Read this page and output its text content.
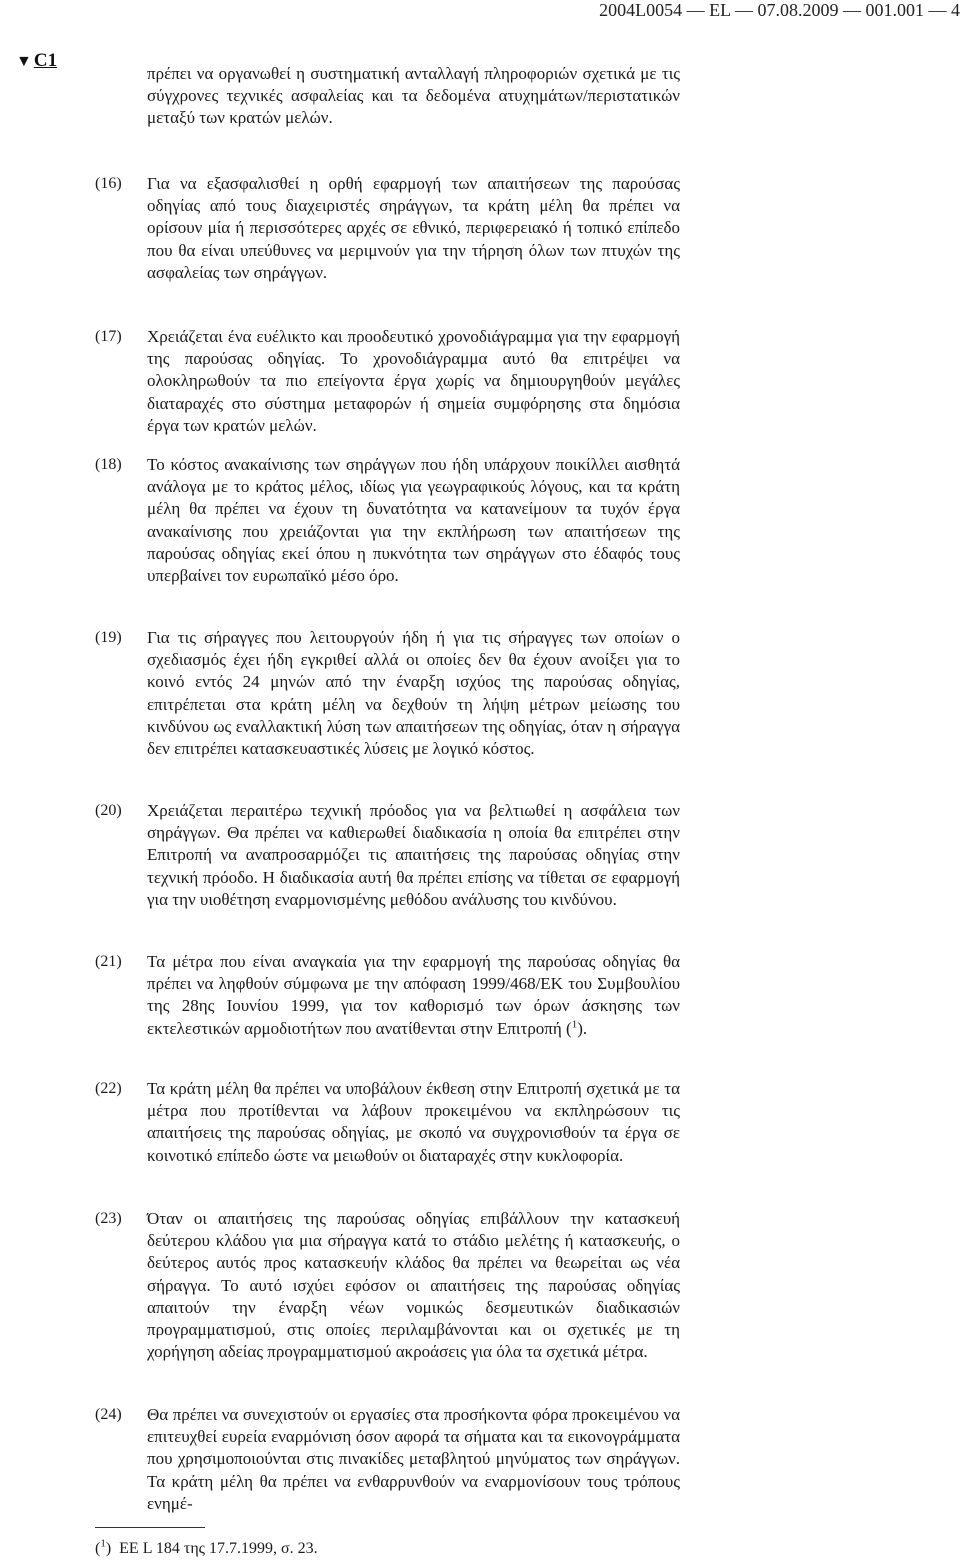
2004L0054 — EL — 07.08.2009 — 001.001 — 4
▼ C1
πρέπει να οργανωθεί η συστηματική ανταλλαγή πληροφοριών σχετικά με τις σύγχρονες τεχνικές ασφαλείας και τα δεδομένα ατυχημάτων/περιστατικών μεταξύ των κρατών μελών.
(16)	Για να εξασφαλισθεί η ορθή εφαρμογή των απαιτήσεων της παρούσας οδηγίας από τους διαχειριστές σηράγγων, τα κράτη μέλη θα πρέπει να ορίσουν μία ή περισσότερες αρχές σε εθνικό, περιφερειακό ή τοπικό επίπεδο που θα είναι υπεύθυνες να μεριμνούν για την τήρηση όλων των πτυχών της ασφαλείας των σηράγγων.
(17)	Χρειάζεται ένα ευέλικτο και προοδευτικό χρονοδιάγραμμα για την εφαρμογή της παρούσας οδηγίας. Το χρονοδιάγραμμα αυτό θα επιτρέψει να ολοκληρωθούν τα πιο επείγοντα έργα χωρίς να δημιουργηθούν μεγάλες διαταραχές στο σύστημα μεταφορών ή σημεία συμφόρησης στα δημόσια έργα των κρατών μελών.
(18)	Το κόστος ανακαίνισης των σηράγγων που ήδη υπάρχουν ποικίλλει αισθητά ανάλογα με το κράτος μέλος, ιδίως για γεωγραφικούς λόγους, και τα κράτη μέλη θα πρέπει να έχουν τη δυνατότητα να κατανείμουν τα τυχόν έργα ανακαίνισης που χρειάζονται για την εκπλήρωση των απαιτήσεων της παρούσας οδηγίας εκεί όπου η πυκνότητα των σηράγγων στο έδαφός τους υπερβαίνει τον ευρωπαϊκό μέσο όρο.
(19)	Για τις σήραγγες που λειτουργούν ήδη ή για τις σήραγγες των οποίων ο σχεδιασμός έχει ήδη εγκριθεί αλλά οι οποίες δεν θα έχουν ανοίξει για το κοινό εντός 24 μηνών από την έναρξη ισχύος της παρούσας οδηγίας, επιτρέπεται στα κράτη μέλη να δεχθούν τη λήψη μέτρων μείωσης του κινδύνου ως εναλλακτική λύση των απαιτήσεων της οδηγίας, όταν η σήραγγα δεν επιτρέπει κατασκευαστικές λύσεις με λογικό κόστος.
(20)	Χρειάζεται περαιτέρω τεχνική πρόοδος για να βελτιωθεί η ασφάλεια των σηράγγων. Θα πρέπει να καθιερωθεί διαδικασία η οποία θα επιτρέπει στην Επιτροπή να αναπροσαρμόζει τις απαιτήσεις της παρούσας οδηγίας στην τεχνική πρόοδο. Η διαδικασία αυτή θα πρέπει επίσης να τίθεται σε εφαρμογή για την υιοθέτηση εναρμονισμένης μεθόδου ανάλυσης του κινδύνου.
(21)	Τα μέτρα που είναι αναγκαία για την εφαρμογή της παρούσας οδηγίας θα πρέπει να ληφθούν σύμφωνα με την απόφαση 1999/468/ΕΚ του Συμβουλίου της 28ης Ιουνίου 1999, για τον καθορισμό των όρων άσκησης των εκτελεστικών αρμοδιοτήτων που ανατίθενται στην Επιτροπή ($^1$).
(22)	Τα κράτη μέλη θα πρέπει να υποβάλουν έκθεση στην Επιτροπή σχετικά με τα μέτρα που προτίθενται να λάβουν προκειμένου να εκπληρώσουν τις απαιτήσεις της παρούσας οδηγίας, με σκοπό να συγχρονισθούν τα έργα σε κοινοτικό επίπεδο ώστε να μειωθούν οι διαταραχές στην κυκλοφορία.
(23)	Όταν οι απαιτήσεις της παρούσας οδηγίας επιβάλλουν την κατασκευή δεύτερου κλάδου για μια σήραγγα κατά το στάδιο μελέτης ή κατασκευής, ο δεύτερος αυτός προς κατασκευήν κλάδος θα πρέπει να θεωρείται ως νέα σήραγγα. Το αυτό ισχύει εφόσον οι απαιτήσεις της παρούσας οδηγίας απαιτούν την έναρξη νέων νομικώς δεσμευτικών διαδικασιών προγραμματισμού, στις οποίες περιλαμβάνονται και οι σχετικές με τη χορήγηση αδείας προγραμματισμού ακροάσεις για όλα τα σχετικά μέτρα.
(24)	Θα πρέπει να συνεχιστούν οι εργασίες στα προσήκοντα φόρα προκειμένου να επιτευχθεί ευρεία εναρμόνιση όσον αφορά τα σήματα και τα εικονογράμματα που χρησιμοποιούνται στις πινακίδες μεταβλητού μηνύματος των σηράγγων. Τα κράτη μέλη θα πρέπει να ενθαρρυνθούν να εναρμονίσουν τους τρόπους ενημέ-
($^1$) ΕΕ L 184 της 17.7.1999, σ. 23.
